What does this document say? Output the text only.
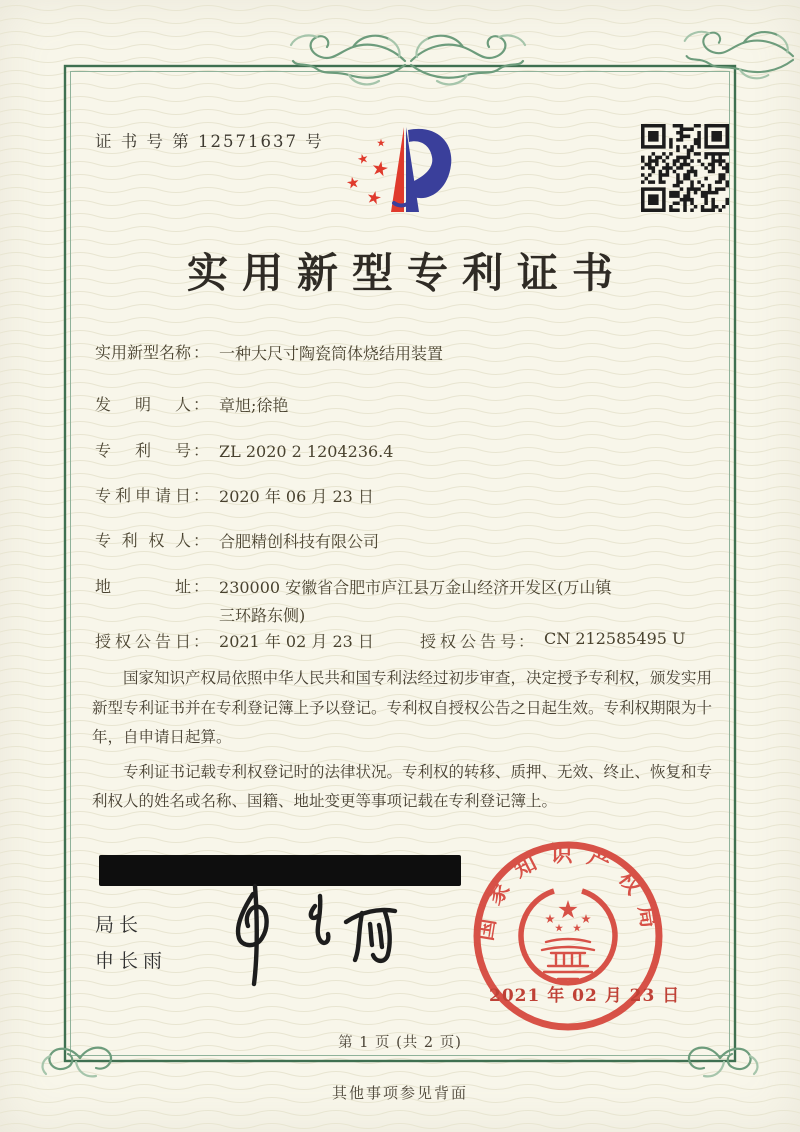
证 书 号 第 12571637 号
实用新型专利证书
实用新型名称 ： 一种大尺寸陶瓷筒体烧结用装置
发明人 ： 章旭;徐艳
专利号 ： ZL 2020 2 1204236.4
专利申请日 ： 2020 年 06 月 23 日
专利权人 ： 合肥精创科技有限公司
地址 ： 230000 安徽省合肥市庐江县万金山经济开发区(万山镇三环路东侧)
授权公告日 ： 2021 年 02 月 23 日	授权公告号 ： CN 212585495 U

国家知识产权局依照中华人民共和国专利法经过初步审查，决定授予专利权，颁发实用新型专利证书并在专利登记簿上予以登记。专利权自授权公告之日起生效。专利权期限为十年，自申请日起算。

专利证书记载专利权登记时的法律状况。专利权的转移、质押、无效、终止、恢复和专利权人的姓名或名称、国籍、地址变更等事项记载在专利登记簿上。

局长
申长雨
国家知识产权局
2021 年 02 月 23 日
第 1 页 (共 2 页)
其他事项参见背面
